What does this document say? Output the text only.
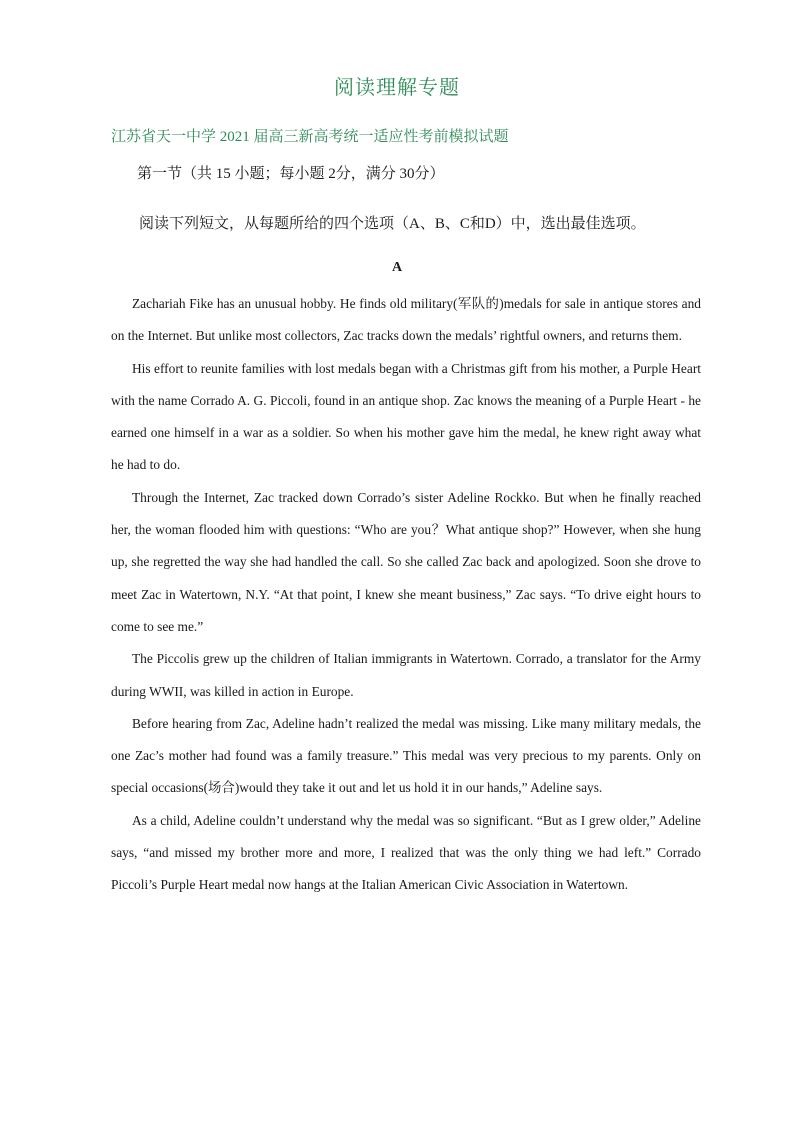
阅读理解专题
江苏省天一中学 2021 届高三新高考统一适应性考前模拟试题
第一节（共 15 小题；每小题 2分，满分 30分）
阅读下列短文，从每题所给的四个选项（A、B、C和D）中，选出最佳选项。
A

Zachariah Fike has an unusual hobby. He finds old military(军队的)medals for sale in antique stores and on the Internet. But unlike most collectors, Zac tracks down the medals’ rightful owners, and returns them.

His effort to reunite families with lost medals began with a Christmas gift from his mother, a Purple Heart with the name Corrado A. G. Piccoli, found in an antique shop. Zac knows the meaning of a Purple Heart - he earned one himself in a war as a soldier. So when his mother gave him the medal, he knew right away what he had to do.

Through the Internet, Zac tracked down Corrado’s sister Adeline Rockko. But when he finally reached her, the woman flooded him with questions: “Who are you？What antique shop?” However, when she hung up, she regretted the way she had handled the call. So she called Zac back and apologized. Soon she drove to meet Zac in Watertown, N.Y. “At that point, I knew she meant business,” Zac says. “To drive eight hours to come to see me.”

The Piccolis grew up the children of Italian immigrants in Watertown. Corrado, a translator for the Army during WWII, was killed in action in Europe.

Before hearing from Zac, Adeline hadn’t realized the medal was missing. Like many military medals, the one Zac’s mother had found was a family treasure.” This medal was very precious to my parents. Only on special occasions(场合)would they take it out and let us hold it in our hands,” Adeline says.

As a child, Adeline couldn’t understand why the medal was so significant. “But as I grew older,” Adeline says, “and missed my brother more and more, I realized that was the only thing we had left.” Corrado Piccoli’s Purple Heart medal now hangs at the Italian American Civic Association in Watertown.
